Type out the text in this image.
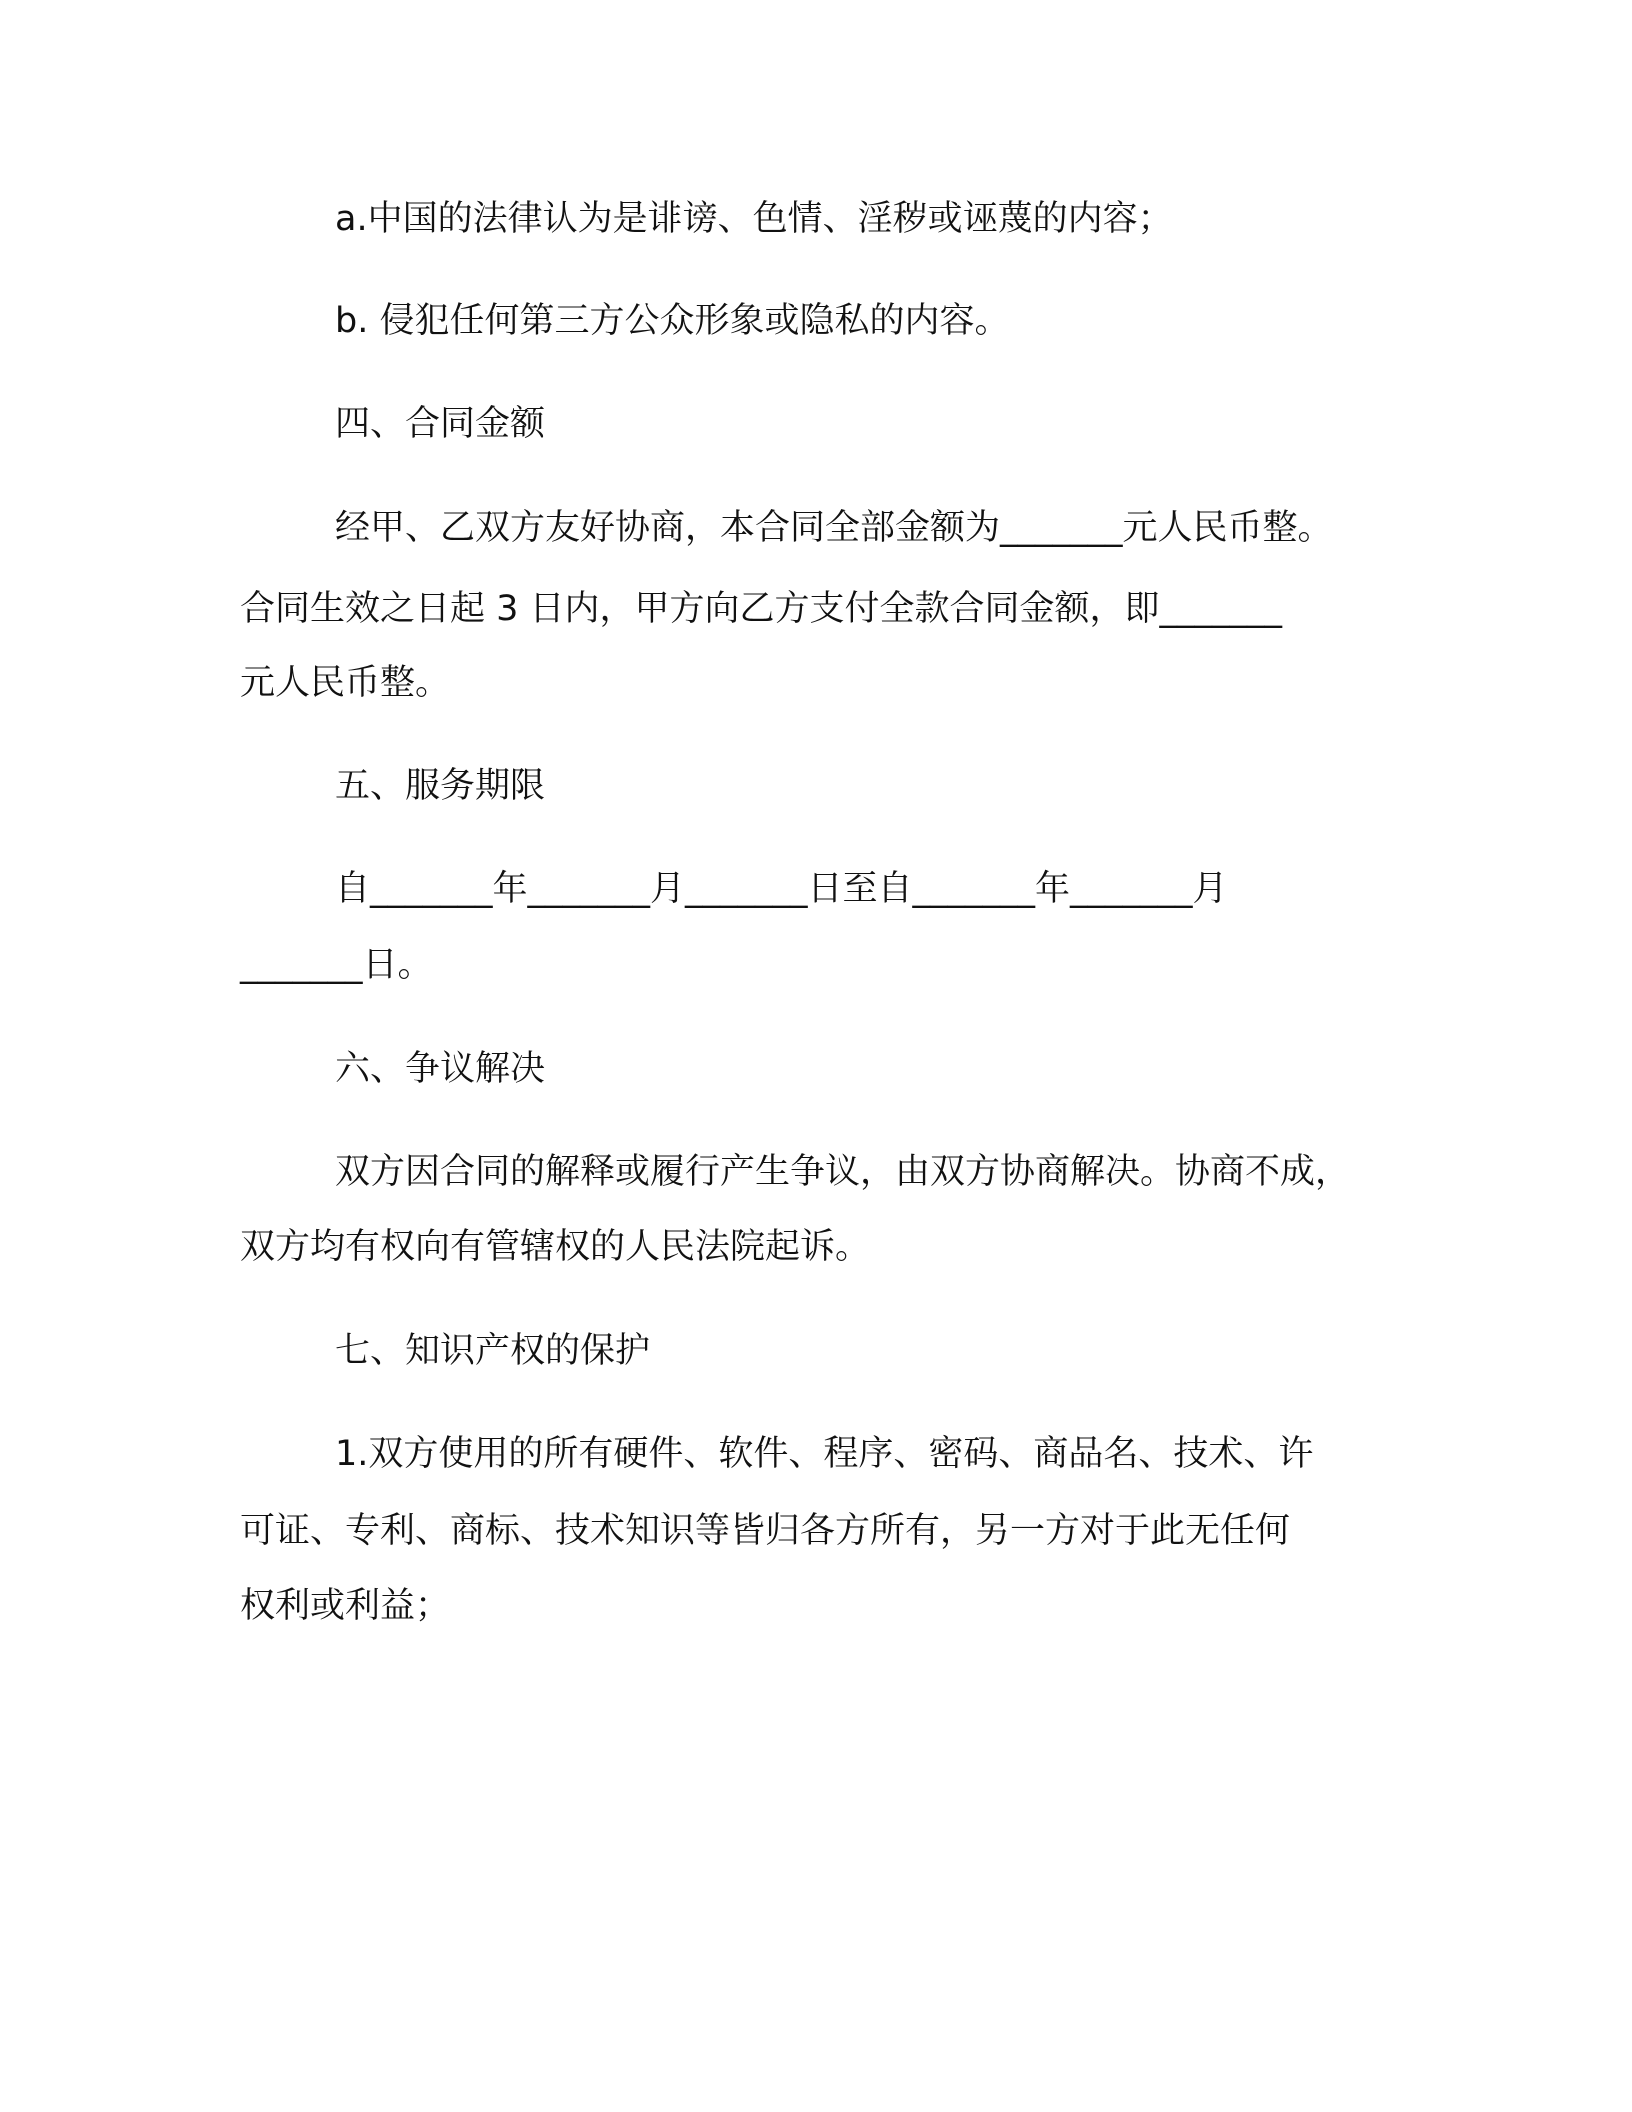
a.中国的法律认为是诽谤、色情、淫秽或诬蔑的内容；

b. 侵犯任何第三方公众形象或隐私的内容。

四、合同金额

经甲、乙双方友好协商，本合同全部金额为_______元人民币整。

合同生效之日起 3 日内，甲方向乙方支付全款合同金额，即_______

元人民币整。

五、服务期限

自_______年_______月_______日至自_______年_______月

_______日。

六、争议解决

双方因合同的解释或履行产生争议，由双方协商解决。协商不成，

双方均有权向有管辖权的人民法院起诉。

七、知识产权的保护

1.双方使用的所有硬件、软件、程序、密码、商品名、技术、许

可证、专利、商标、技术知识等皆归各方所有，另一方对于此无任何

权利或利益；
